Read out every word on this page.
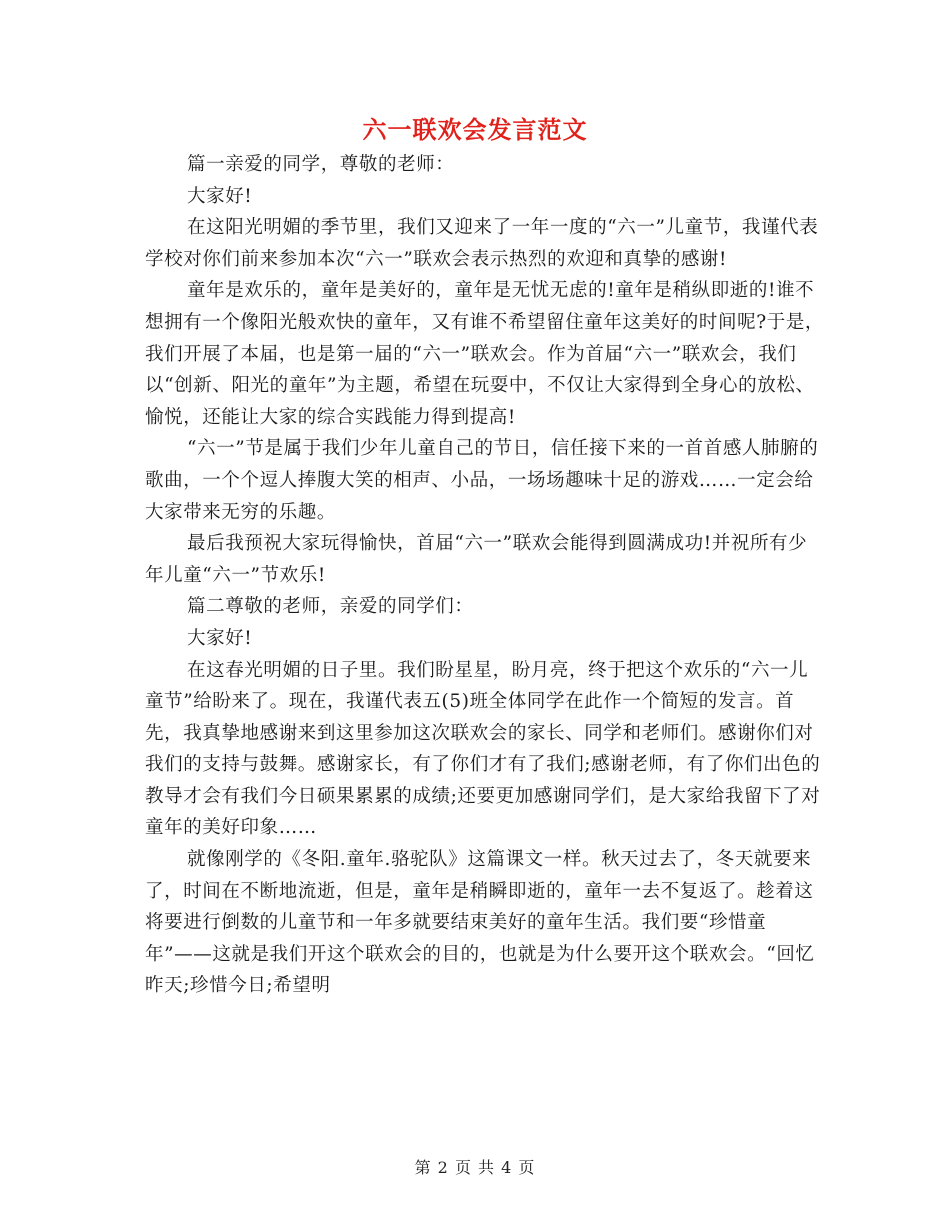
六一联欢会发言范文

篇一亲爱的同学，尊敬的老师：

大家好!

在这阳光明媚的季节里，我们又迎来了一年一度的“六一”儿童节，我谨代表学校对你们前来参加本次“六一”联欢会表示热烈的欢迎和真挚的感谢!

童年是欢乐的，童年是美好的，童年是无忧无虑的!童年是稍纵即逝的!谁不想拥有一个像阳光般欢快的童年，又有谁不希望留住童年这美好的时间呢?于是，我们开展了本届，也是第一届的“六一”联欢会。作为首届“六一”联欢会，我们以“创新、阳光的童年”为主题，希望在玩耍中，不仅让大家得到全身心的放松、愉悦，还能让大家的综合实践能力得到提高!

“六一”节是属于我们少年儿童自己的节日，信任接下来的一首首感人肺腑的歌曲，一个个逗人捧腹大笑的相声、小品，一场场趣味十足的游戏……一定会给大家带来无穷的乐趣。

最后我预祝大家玩得愉快，首届“六一”联欢会能得到圆满成功!并祝所有少年儿童“六一”节欢乐!

篇二尊敬的老师，亲爱的同学们：

大家好!

在这春光明媚的日子里。我们盼星星，盼月亮，终于把这个欢乐的“六一儿童节”给盼来了。现在，我谨代表五(5)班全体同学在此作一个简短的发言。首先，我真挚地感谢来到这里参加这次联欢会的家长、同学和老师们。感谢你们对我们的支持与鼓舞。感谢家长，有了你们才有了我们;感谢老师，有了你们出色的教导才会有我们今日硕果累累的成绩;还要更加感谢同学们，是大家给我留下了对童年的美好印象……

就像刚学的《冬阳.童年.骆驼队》这篇课文一样。秋天过去了，冬天就要来了，时间在不断地流逝，但是，童年是稍瞬即逝的，童年一去不复返了。趁着这将要进行倒数的儿童节和一年多就要结束美好的童年生活。我们要“珍惜童年”——这就是我们开这个联欢会的目的，也就是为什么要开这个联欢会。“回忆昨天;珍惜今日;希望明

第 2 页 共 4 页
